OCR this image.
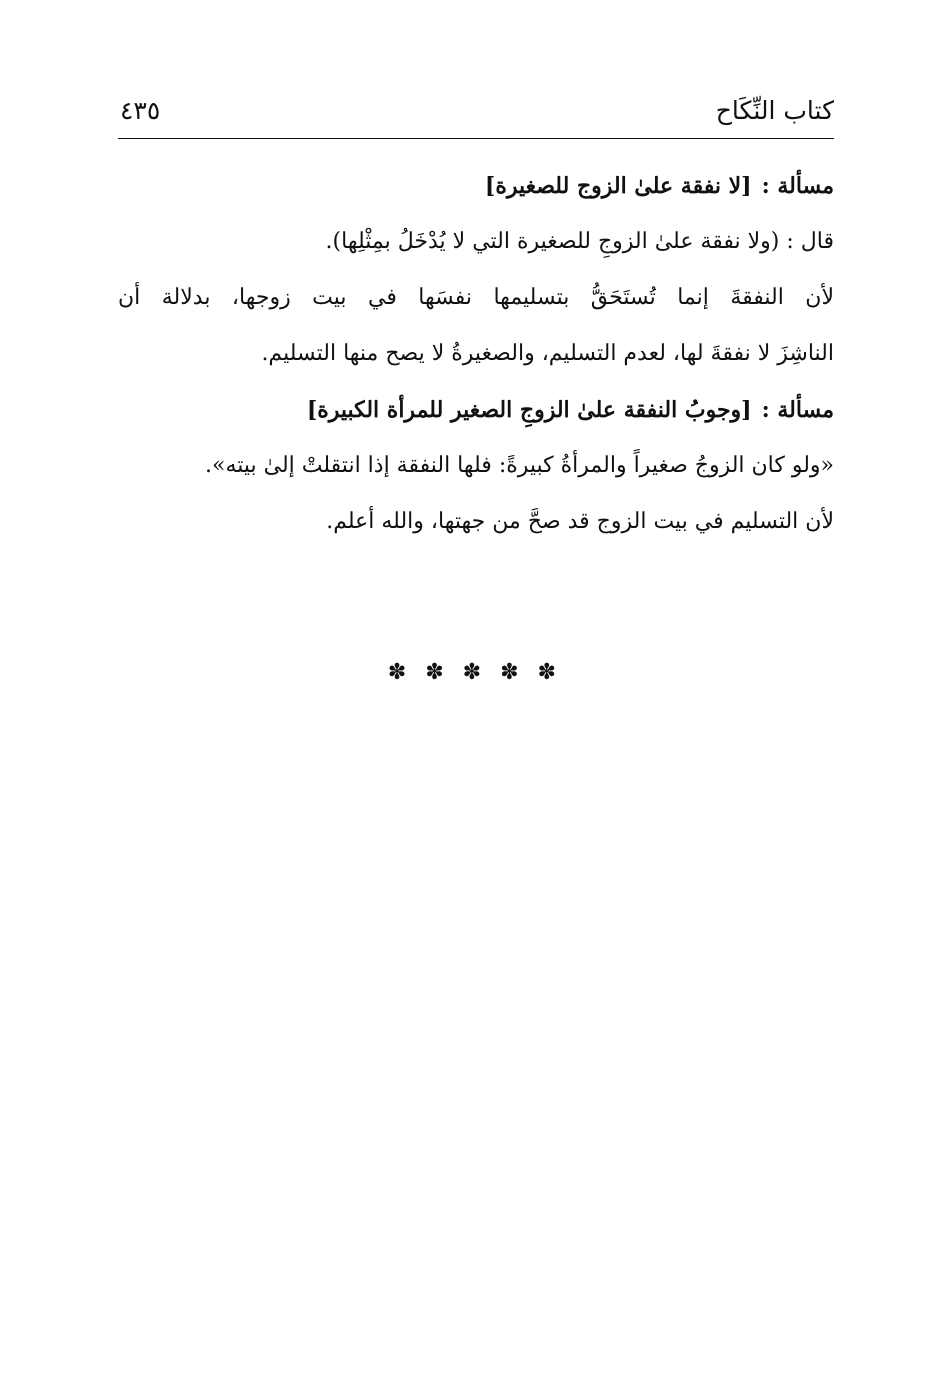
كتاب النِّكَاح
٤٣٥
مسألة :
[لا نفقة علىٰ الزوج للصغيرة]
قال : (ولا نفقة علىٰ الزوجِ للصغيرة التي لا يُدْخَلُ بمِثْلِها).
لأن النفقةَ إنما تُستَحَقُّ بتسليمها نفسَها في بيت زوجها، بدلالة أن
الناشِزَ لا نفقةَ لها، لعدم التسليم، والصغيرةُ لا يصح منها التسليم.
مسألة :
[وجوبُ النفقة علىٰ الزوجِ الصغير للمرأة الكبيرة]
«ولو كان الزوجُ صغيراً والمرأةُ كبيرةً: فلها النفقة إذا انتقلتْ إلىٰ بيته».
لأن التسليم في بيت الزوج قد صحَّ من جهتها، والله أعلم.
✽ ✽ ✽ ✽ ✽
